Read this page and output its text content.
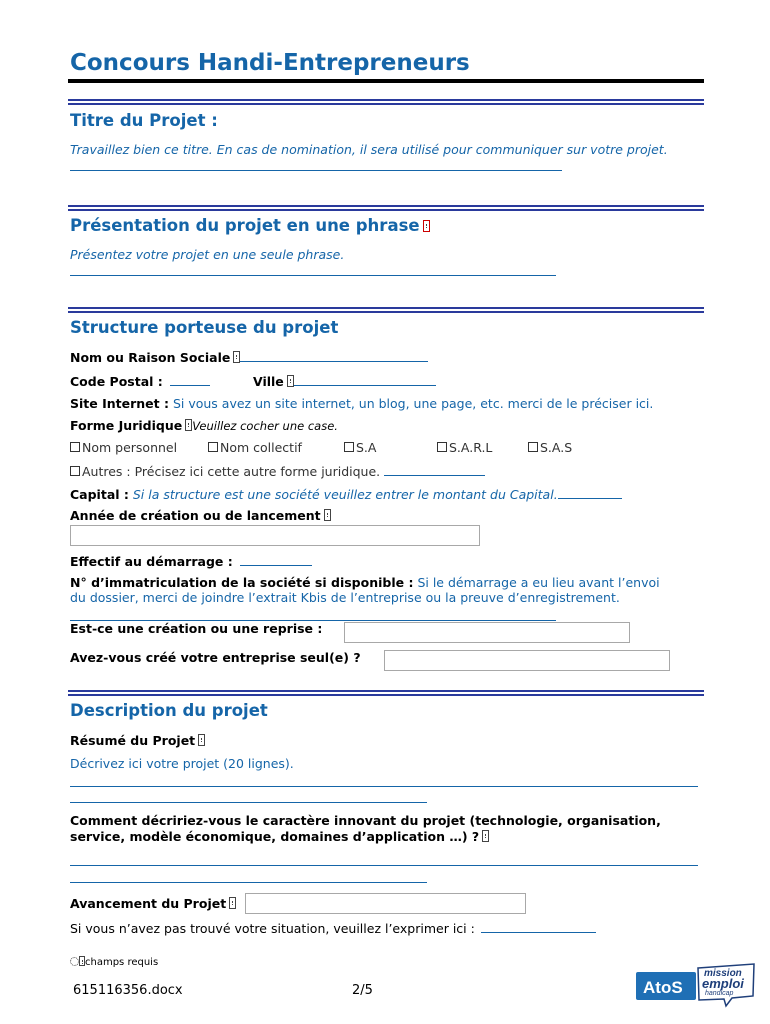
Concours Handi-Entrepreneurs
Titre du Projet :
Travaillez bien ce titre. En cas de nomination, il sera utilisé pour communiquer sur votre projet.
Présentation du projet en une phrase
Présentez votre projet en une seule phrase.
Structure porteuse du projet
Nom ou Raison Sociale
Code Postal :	Ville
Site Internet : Si vous avez un site internet, un blog, une page, etc. merci de le préciser ici.
Forme Juridique Veuillez cocher une case.
Nom personnel	Nom collectif	S.A	S.A.R.L	S.A.S
Autres : Précisez ici cette autre forme juridique.
Capital : Si la structure est une société veuillez entrer le montant du Capital.
Année de création ou de lancement
Effectif au démarrage :
N° d’immatriculation de la société si disponible : Si le démarrage a eu lieu avant l’envoi
du dossier, merci de joindre l’extrait Kbis de l’entreprise ou la preuve d’enregistrement.
Est-ce une création ou une reprise :
Avez-vous créé votre entreprise seul(e) ?
Description du projet
Résumé du Projet
Décrivez ici votre projet (20 lignes).
Comment décririez-vous le caractère innovant du projet (technologie, organisation,
service, modèle économique, domaines d’application …) ?
Avancement du Projet
Si vous n’avez pas trouvé votre situation, veuillez l’exprimer ici :
champs requis
615116356.docx	2/5	AtoS
mission
emploi
handicap
